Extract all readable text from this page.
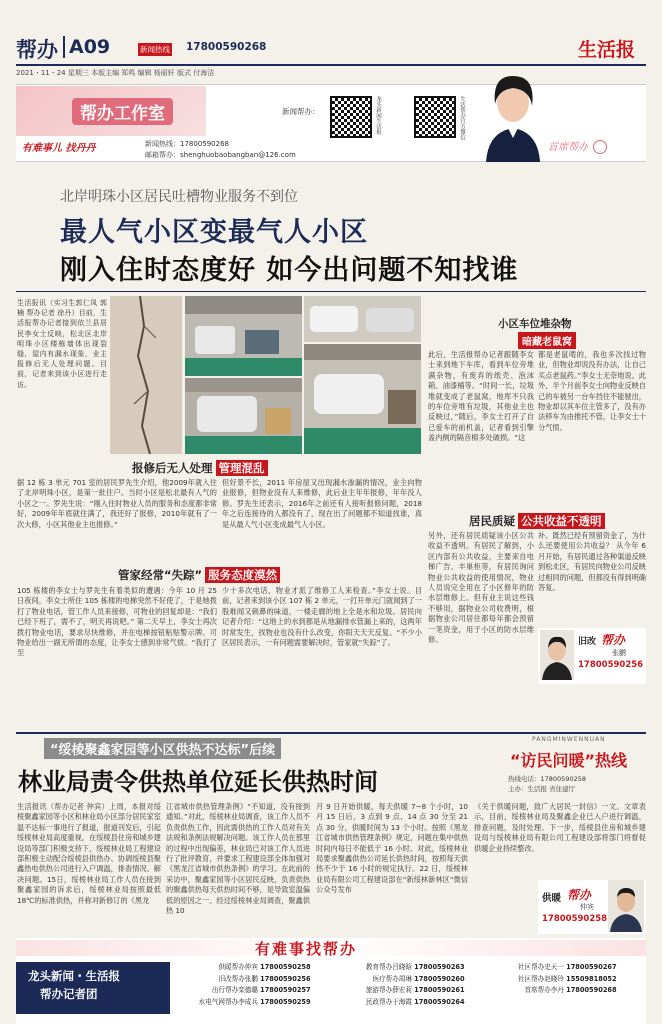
帮办 A09	新闻热线 17800590268	生活报
2021・11・24 星期三 本版主编 郑鸣 编辑 杨丽轩 版式 付海洁
帮办工作室
有难事儿 找丹丹
新闻帮办：	龙头新闻生活报	生活帮办官方微信
新闻热线：17800590268
邮箱帮办：shenghuobaobangban@126.com
首席帮办
北岸明珠小区居民吐槽物业服务不到位
最人气小区变最气人小区
刚入住时态度好 如今出问题不知找谁
生活报讯（实习生郭仁凤 郭楠 帮办记者 徐丹）目前，生活报帮办记者接到依兰县居民李女士反映，松北区北岸明珠小区楼栋墙体出现裂缝，屋内有漏水现象，业主报修后无人处理问题。目前，记者来到该小区进行走访。
报修后无人处理 管理混乱
据 12 栋 3 单元 701 室的居民罗先生介绍，他2009年就入住了北岸明珠小区，是第一批住户。当时小区是松北最有人气的小区之一。罗先生说：“刚入住时物业人员的服务和态度都非常好，2009年年底就住满了，我还好了报修，2010年就有了一次大修，小区其他业主也报修。”
但好景不长，2011 年房屋又出现漏水渗漏的情况，业主向物业报修，但物业没有人来维修，此后业主年年报修，年年没人修。罗先生还表示，2016年之前还有人接听报修问题，2018年之后连接待的人都没有了，现在出了问题都不知道找谁，真是从最人气小区变成最气人小区。
管家经常“失踪” 服务态度漠然
105 栋楼的李女士与罗先生有着类似的遭遇：今年 10 月 25 日夜间，李女士所住 105 栋楼的电梯突然不好使了，于是她拨打了物业电话，管工作人员来接修，可物业的回复却是：“我们已经下班了，需不了，明天再说吧。” 第二天早上，李女士再次拨打物业电话，要求尽快维修，并在电梯按钮粘贴警示牌。可物业给出一副无所谓的态度，让李女士感到非常气愤。“我打了至
少十多次电话，物业才派了维修工人来检查。”李女士说。目前，记者来到该小区 107 栋 2 单元，一打开单元门就闻到了一股难闻又刺鼻的味道，一楼走廊的地上全是水和垃圾。居民向记者介绍：“这地上的水到都是从地漏排水管漏上来的，这两年时常发生，找物业也没有什么改变，你阳天天天反复。“不少小区居民表示，一有问题需要解决时，管家就“失踪”了。
小区车位堆杂物
暗藏老鼠窝
此后，生活报帮办记者跟随李女士来到地下车库，看到车位旁堆满杂物，有废弃的纸壳、泡沫箱、油漆桶等。“时间一长，垃圾堆就变成了老鼠窝，地库不只我的车位旁堆有垃圾，其他业主也反映过，”随后，李女士打开了自己爱车的前机盖，记者看到引擎盖内侧的隔音棉多处破损。“这
都是老鼠啃的，我也多次找过物业，但物业却说没有办法，让自己买点老鼠药。”李女士无奈地说。此外，半个月前李女士向物业反映自己的车被另一台车挡住不能驶出，物业却以其车位主管多了，没有办法移车为由推托不管，让李女士十分气愤。
居民质疑 公共收益不透明
另外，还有居民质疑该小区公共收益不透明。有居民了解到，小区内部有公共收益，主要来自电梯广告、丰巢柜等，有居民询问物业公共收益的使用情况，物业人员说完全用在了小区修年的防水层维修上。但有业主说这些钱不够用，据物业公司收费明，根据物业公司居住都每年都会预留一笔资金，用于小区的防水层维修。
补。既然已经有预留资金了，为什么还要使用公共收益？ 从今年 6 月开始，有居民通过各种渠道反映到松北区，有居民向物业公司反映过相同的问题，但都没有得到明确答复。
旧改 帮办
张鹏
17800590256
PANGMINWENNUAN
“绥棱聚鑫家园等小区供热不达标”后续
林业局责令供热单位延长供热时间
“访民问暖”热线
热线电话：17800590258
主办：生活报 省住建厅
生活报讯（帮办记者 仲宾）上周，本报对绥棱聚鑫家园等小区和林业局小区部分居民家室温不达标一事进行了报道，报道刊发后，引起绥棱林业局高度重视，在绥棱县住房和城乡建设局等部门积极支持下，绥棱林业局工程建设部积极主动配合绥棱县供热办、协调绥棱县聚鑫热电供热公司进行入户调温，排查情况、解决问题。15日，绥棱林业局工作人员在接到聚鑫家园的诉求后，绥棱林业局按照最低18℃的标准供热，并称对新修订的《黑龙
江省城市供热管理条例》“不知道，没有接到通知。”对此，绥棱林业局调查，该工作人员不负责供热工作，因此需供热的工作人员对有关法规和条例法规解决问题。该工作人员在那里的过程中出现偏差，林业局已对该工作人员进行了批评教育，并要求工程建设部全体加强对《黑龙江省城市供热条例》的学习。在此前的采访中，聚鑫家园等小区居民反映，负责供热的聚鑫供热每天供热时间不够，是导致室温偏低的原因之一。经过绥棱林业局调查，聚鑫供热 10
月 9 日开始供暖，每天供暖 7~8 个小时，10 月 15 日后，3 点到 9 点、14 点 30 分至 21 点 30 分，供暖时间为 13 个小时。按照《黑龙江省城市供热管理条例》规定，问题在集中供热时间内每日不能低于 16 小时。对此，绥棱林业局要求聚鑫供热公司延长供热时间，按照每天供热不少于 16 小时的规定执行。22 日，绥棱林业局有限公司工程建设部在“新绥林新林区”微信公众号发布
《关于供暖问题，致广大居民一封信》一文。文章表示，目前，绥棱林业局及聚鑫企业已入户进行调温，排查问题，及时处理。下一步，绥棱县住房和城乡建设局与绥棱林业局有限公司工程建设部将部门将督促供暖企业持续整改。
供暖 帮办
仲宾
17800590258
有难事找帮办
龙头新闻・生活报
帮办记者团
供暖帮办仲宾 17800590258
旧改帮办张鹏 17800590256
出行帮办栾德璐 17800590257
水电气网帮办李成兵 17800590259
教育帮办吕晓晗 17800590263
医疗帮办周琳 17800590260
旅游帮办薛宏莉 17800590261
民政帮办于海霞 17800590264
社区帮办史天一 17800590267
社区帮办赵晓玲 15509818052
首席帮办李丹 17800590268
